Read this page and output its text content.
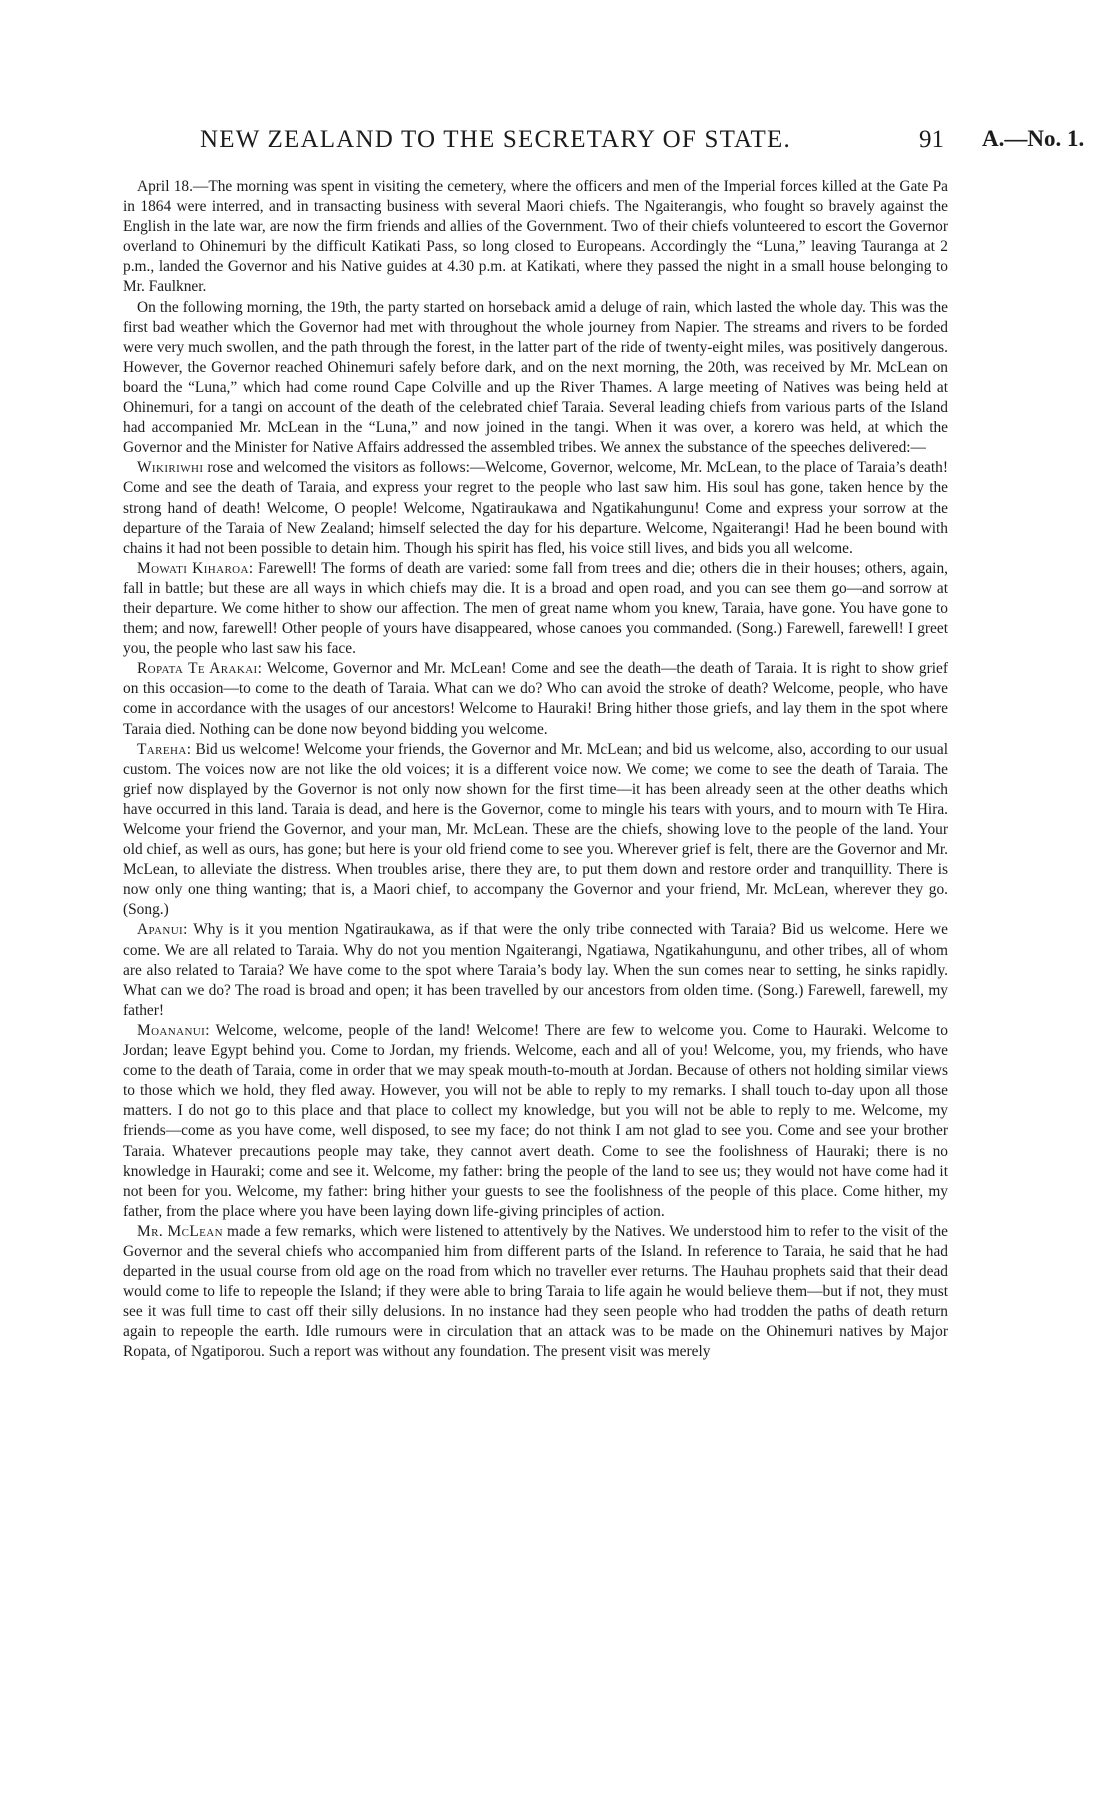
NEW ZEALAND TO THE SECRETARY OF STATE.	91 A.—No. 1.

April 18.—The morning was spent in visiting the cemetery, where the officers and men of the Imperial forces killed at the Gate Pa in 1864 were interred, and in transacting business with several Maori chiefs. The Ngaiterangis, who fought so bravely against the English in the late war, are now the firm friends and allies of the Government. Two of their chiefs volunteered to escort the Governor overland to Ohinemuri by the difficult Katikati Pass, so long closed to Europeans. Accordingly the “Luna,” leaving Tauranga at 2 p.m., landed the Governor and his Native guides at 4.30 p.m. at Katikati, where they passed the night in a small house belonging to Mr. Faulkner.

On the following morning, the 19th, the party started on horseback amid a deluge of rain, which lasted the whole day. This was the first bad weather which the Governor had met with throughout the whole journey from Napier. The streams and rivers to be forded were very much swollen, and the path through the forest, in the latter part of the ride of twenty-eight miles, was positively dangerous. However, the Governor reached Ohinemuri safely before dark, and on the next morning, the 20th, was received by Mr. McLean on board the “Luna,” which had come round Cape Colville and up the River Thames. A large meeting of Natives was being held at Ohinemuri, for a tangi on account of the death of the celebrated chief Taraia. Several leading chiefs from various parts of the Island had accompanied Mr. McLean in the “Luna,” and now joined in the tangi. When it was over, a korero was held, at which the Governor and the Minister for Native Affairs addressed the assembled tribes. We annex the substance of the speeches delivered:—

Wikiriwhi rose and welcomed the visitors as follows:—Welcome, Governor, welcome, Mr. McLean, to the place of Taraia’s death! Come and see the death of Taraia, and express your regret to the people who last saw him. His soul has gone, taken hence by the strong hand of death! Welcome, O people! Welcome, Ngatiraukawa and Ngatikahungunu! Come and express your sorrow at the departure of the Taraia of New Zealand; himself selected the day for his departure. Welcome, Ngaiterangi! Had he been bound with chains it had not been possible to detain him. Though his spirit has fled, his voice still lives, and bids you all welcome.

Mowati Kiharoa: Farewell! The forms of death are varied: some fall from trees and die; others die in their houses; others, again, fall in battle; but these are all ways in which chiefs may die. It is a broad and open road, and you can see them go—and sorrow at their departure. We come hither to show our affection. The men of great name whom you knew, Taraia, have gone. You have gone to them; and now, farewell! Other people of yours have disappeared, whose canoes you commanded. (Song.) Farewell, farewell! I greet you, the people who last saw his face.

Ropata Te Arakai: Welcome, Governor and Mr. McLean! Come and see the death—the death of Taraia. It is right to show grief on this occasion—to come to the death of Taraia. What can we do? Who can avoid the stroke of death? Welcome, people, who have come in accordance with the usages of our ancestors! Welcome to Hauraki! Bring hither those griefs, and lay them in the spot where Taraia died. Nothing can be done now beyond bidding you welcome.

Tareha: Bid us welcome! Welcome your friends, the Governor and Mr. McLean; and bid us welcome, also, according to our usual custom. The voices now are not like the old voices; it is a different voice now. We come; we come to see the death of Taraia. The grief now displayed by the Governor is not only now shown for the first time—it has been already seen at the other deaths which have occurred in this land. Taraia is dead, and here is the Governor, come to mingle his tears with yours, and to mourn with Te Hira. Welcome your friend the Governor, and your man, Mr. McLean. These are the chiefs, showing love to the people of the land. Your old chief, as well as ours, has gone; but here is your old friend come to see you. Wherever grief is felt, there are the Governor and Mr. McLean, to alleviate the distress. When troubles arise, there they are, to put them down and restore order and tranquillity. There is now only one thing wanting; that is, a Maori chief, to accompany the Governor and your friend, Mr. McLean, wherever they go. (Song.)

Apanui: Why is it you mention Ngatiraukawa, as if that were the only tribe connected with Taraia? Bid us welcome. Here we come. We are all related to Taraia. Why do not you mention Ngaiterangi, Ngatiawa, Ngatikahungunu, and other tribes, all of whom are also related to Taraia? We have come to the spot where Taraia’s body lay. When the sun comes near to setting, he sinks rapidly. What can we do? The road is broad and open; it has been travelled by our ancestors from olden time. (Song.) Farewell, farewell, my father!

Moananui: Welcome, welcome, people of the land! Welcome! There are few to welcome you. Come to Hauraki. Welcome to Jordan; leave Egypt behind you. Come to Jordan, my friends. Welcome, each and all of you! Welcome, you, my friends, who have come to the death of Taraia, come in order that we may speak mouth-to-mouth at Jordan. Because of others not holding similar views to those which we hold, they fled away. However, you will not be able to reply to my remarks. I shall touch to-day upon all those matters. I do not go to this place and that place to collect my knowledge, but you will not be able to reply to me. Welcome, my friends—come as you have come, well disposed, to see my face; do not think I am not glad to see you. Come and see your brother Taraia. Whatever precautions people may take, they cannot avert death. Come to see the foolishness of Hauraki; there is no knowledge in Hauraki; come and see it. Welcome, my father: bring the people of the land to see us; they would not have come had it not been for you. Welcome, my father: bring hither your guests to see the foolishness of the people of this place. Come hither, my father, from the place where you have been laying down life-giving principles of action.

Mr. McLean made a few remarks, which were listened to attentively by the Natives. We understood him to refer to the visit of the Governor and the several chiefs who accompanied him from different parts of the Island. In reference to Taraia, he said that he had departed in the usual course from old age on the road from which no traveller ever returns. The Hauhau prophets said that their dead would come to life to repeople the Island; if they were able to bring Taraia to life again he would believe them—but if not, they must see it was full time to cast off their silly delusions. In no instance had they seen people who had trodden the paths of death return again to repeople the earth. Idle rumours were in circulation that an attack was to be made on the Ohinemuri natives by Major Ropata, of Ngatiporou. Such a report was without any foundation. The present visit was merely
